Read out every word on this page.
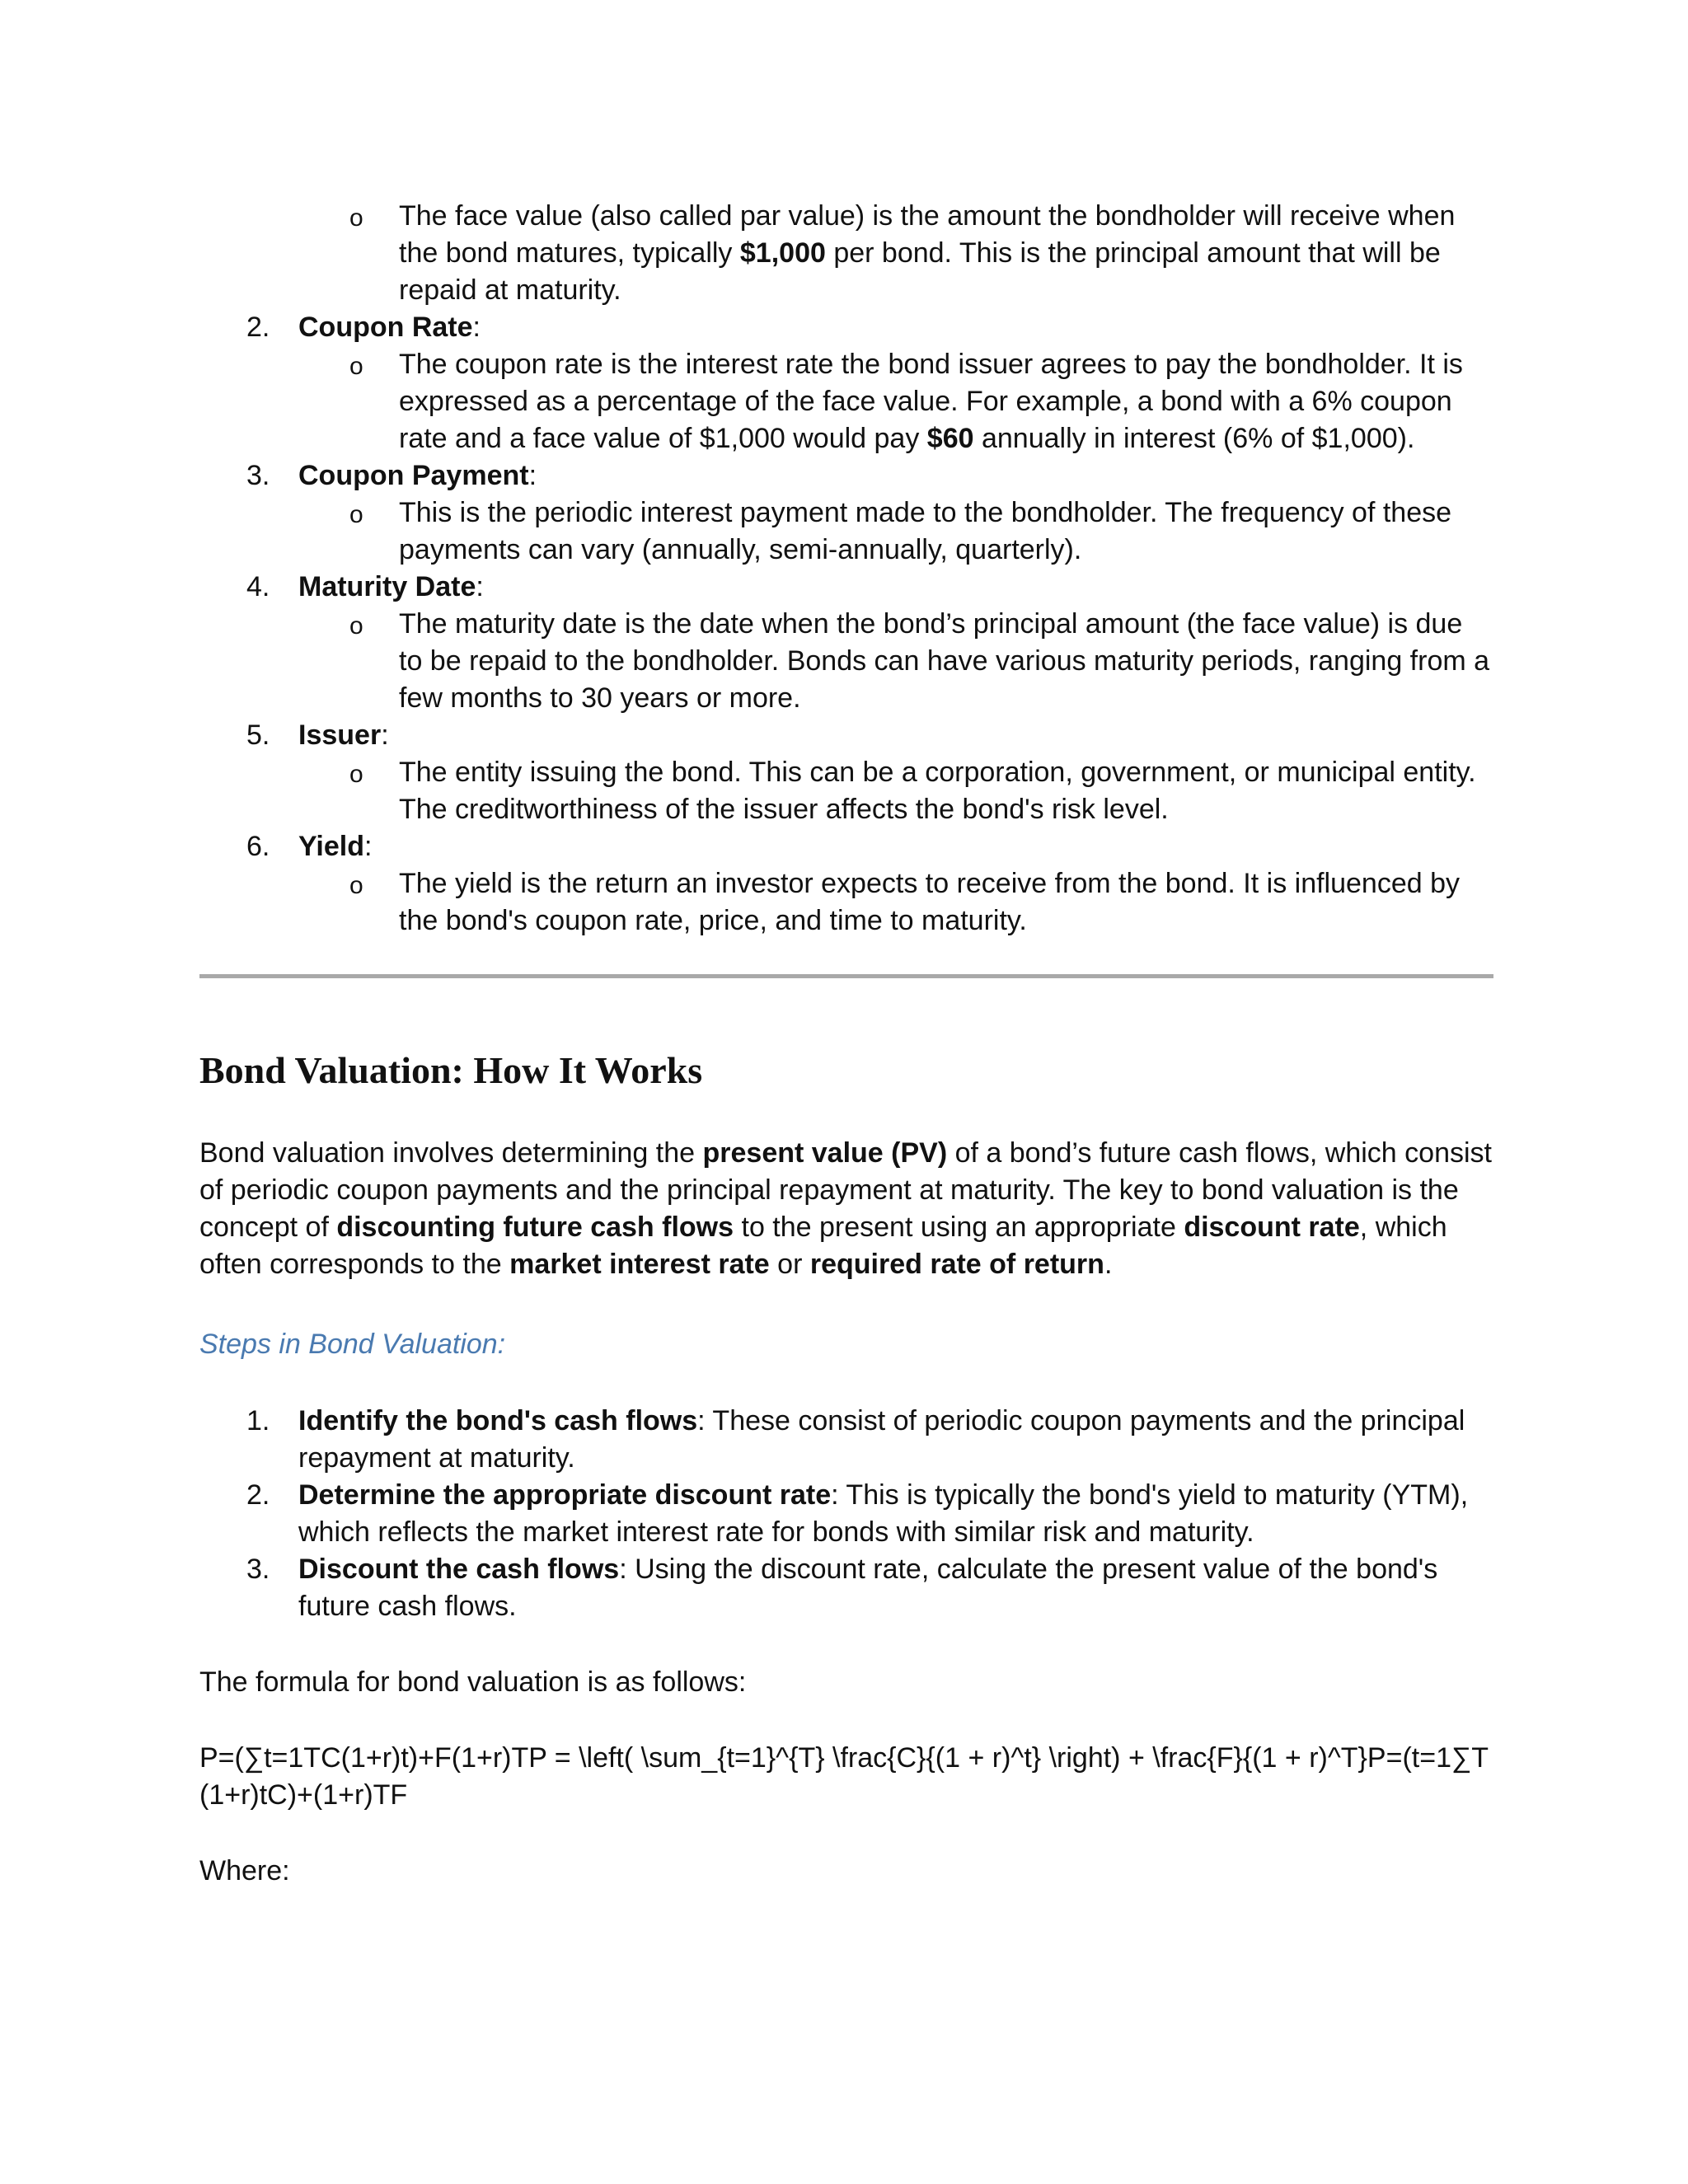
o The face value (also called par value) is the amount the bondholder will receive when the bond matures, typically $1,000 per bond. This is the principal amount that will be repaid at maturity.
2. Coupon Rate:
o The coupon rate is the interest rate the bond issuer agrees to pay the bondholder. It is expressed as a percentage of the face value. For example, a bond with a 6% coupon rate and a face value of $1,000 would pay $60 annually in interest (6% of $1,000).
3. Coupon Payment:
o This is the periodic interest payment made to the bondholder. The frequency of these payments can vary (annually, semi-annually, quarterly).
4. Maturity Date:
o The maturity date is the date when the bond’s principal amount (the face value) is due to be repaid to the bondholder. Bonds can have various maturity periods, ranging from a few months to 30 years or more.
5. Issuer:
o The entity issuing the bond. This can be a corporation, government, or municipal entity. The creditworthiness of the issuer affects the bond's risk level.
6. Yield:
o The yield is the return an investor expects to receive from the bond. It is influenced by the bond's coupon rate, price, and time to maturity.
Bond Valuation: How It Works

Bond valuation involves determining the present value (PV) of a bond’s future cash flows, which consist of periodic coupon payments and the principal repayment at maturity. The key to bond valuation is the concept of discounting future cash flows to the present using an appropriate discount rate, which often corresponds to the market interest rate or required rate of return.

Steps in Bond Valuation:
1. Identify the bond's cash flows: These consist of periodic coupon payments and the principal repayment at maturity.
2. Determine the appropriate discount rate: This is typically the bond's yield to maturity (YTM), which reflects the market interest rate for bonds with similar risk and maturity.
3. Discount the cash flows: Using the discount rate, calculate the present value of the bond's future cash flows.
The formula for bond valuation is as follows:
P=(∑t=1TC(1+r)t)+F(1+r)TP = \left( \sum_{t=1}^{T} \frac{C}{(1 + r)^t} \right) + \frac{F}{(1 + r)^T}P=(t=1∑T (1+r)tC)+(1+r)TF
Where:
